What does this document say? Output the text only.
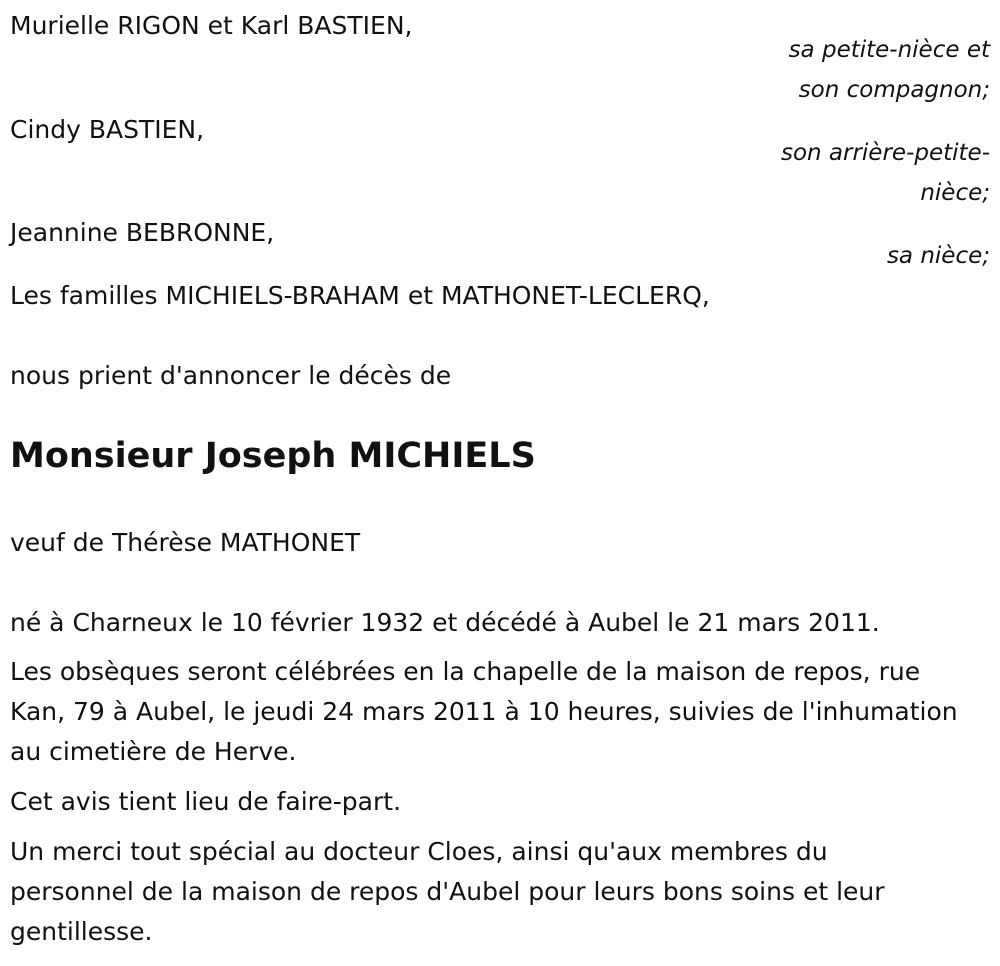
Murielle RIGON et Karl BASTIEN,
sa petite-nièce et
son compagnon;
Cindy BASTIEN,
son arrière-petite-
nièce;
Jeannine BEBRONNE,
sa nièce;
Les familles MICHIELS-BRAHAM et MATHONET-LECLERQ,
nous prient d'annoncer le décès de
Monsieur Joseph MICHIELS
veuf de Thérèse MATHONET
né à Charneux le 10 février 1932 et décédé à Aubel le 21 mars 2011.
Les obsèques seront célébrées en la chapelle de la maison de repos, rue
Kan, 79 à Aubel, le jeudi 24 mars 2011 à 10 heures, suivies de l'inhumation
au cimetière de Herve.
Cet avis tient lieu de faire-part.
Un merci tout spécial au docteur Cloes, ainsi qu'aux membres du
personnel de la maison de repos d'Aubel pour leurs bons soins et leur
gentillesse.
